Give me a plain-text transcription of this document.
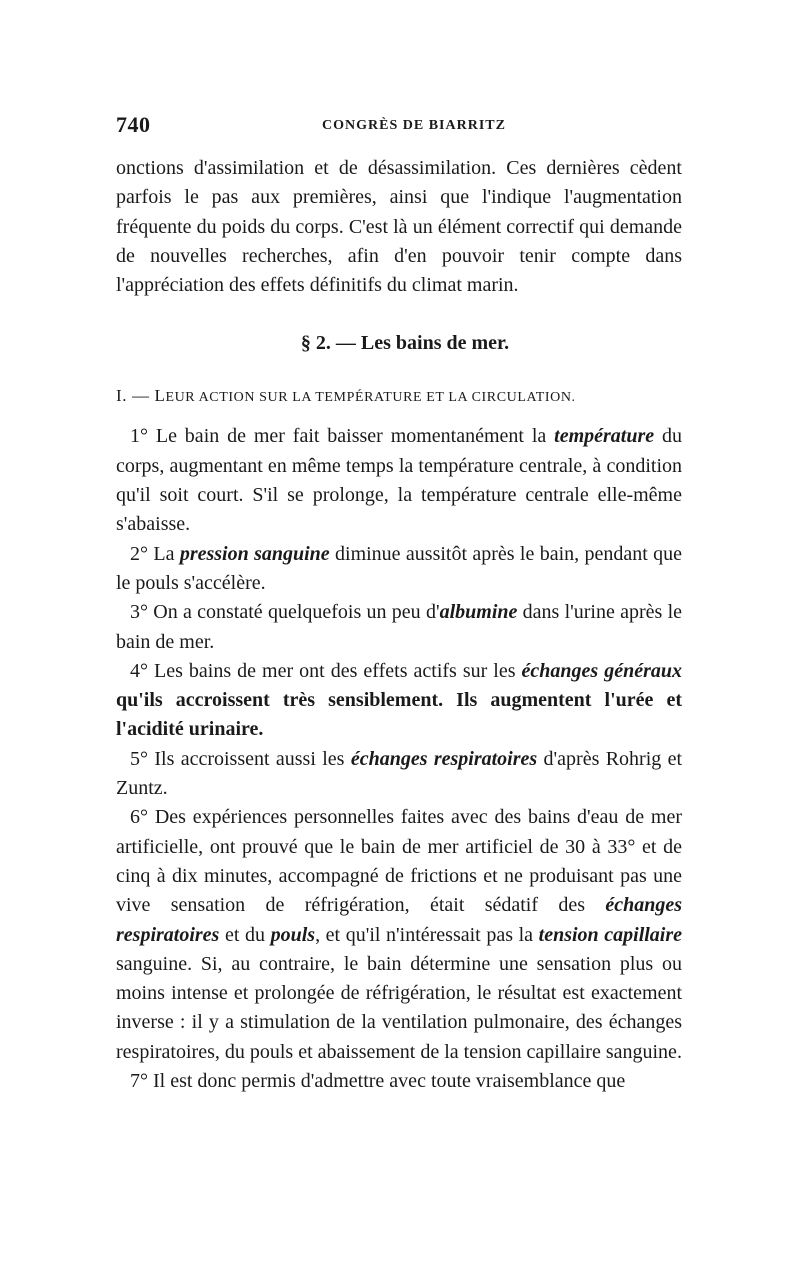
740	CONGRÈS DE BIARRITZ

onctions d'assimilation et de désassimilation. Ces dernières cèdent parfois le pas aux premières, ainsi que l'indique l'augmentation fréquente du poids du corps. C'est là un élément correctif qui demande de nouvelles recherches, afin d'en pouvoir tenir compte dans l'appréciation des effets définitifs du climat marin.

§ 2. — Les bains de mer.
I. — LEUR ACTION SUR LA TEMPÉRATURE ET LA CIRCULATION.

1° Le bain de mer fait baisser momentanément la température du corps, augmentant en même temps la température centrale, à condition qu'il soit court. S'il se prolonge, la température centrale elle-même s'abaisse.

2° La pression sanguine diminue aussitôt après le bain, pendant que le pouls s'accélère.

3° On a constaté quelquefois un peu d'albumine dans l'urine après le bain de mer.

4° Les bains de mer ont des effets actifs sur les échanges généraux qu'ils accroissent très sensiblement. Ils augmentent l'urée et l'acidité urinaire.

5° Ils accroissent aussi les échanges respiratoires d'après Rohrig et Zuntz.

6° Des expériences personnelles faites avec des bains d'eau de mer artificielle, ont prouvé que le bain de mer artificiel de 30 à 33° et de cinq à dix minutes, accompagné de frictions et ne produisant pas une vive sensation de réfrigération, était sédatif des échanges respiratoires et du pouls, et qu'il n'intéressait pas la tension capillaire sanguine. Si, au contraire, le bain détermine une sensation plus ou moins intense et prolongée de réfrigération, le résultat est exactement inverse : il y a stimulation de la ventilation pulmonaire, des échanges respiratoires, du pouls et abaissement de la tension capillaire sanguine.

7° Il est donc permis d'admettre avec toute vraisemblance que
